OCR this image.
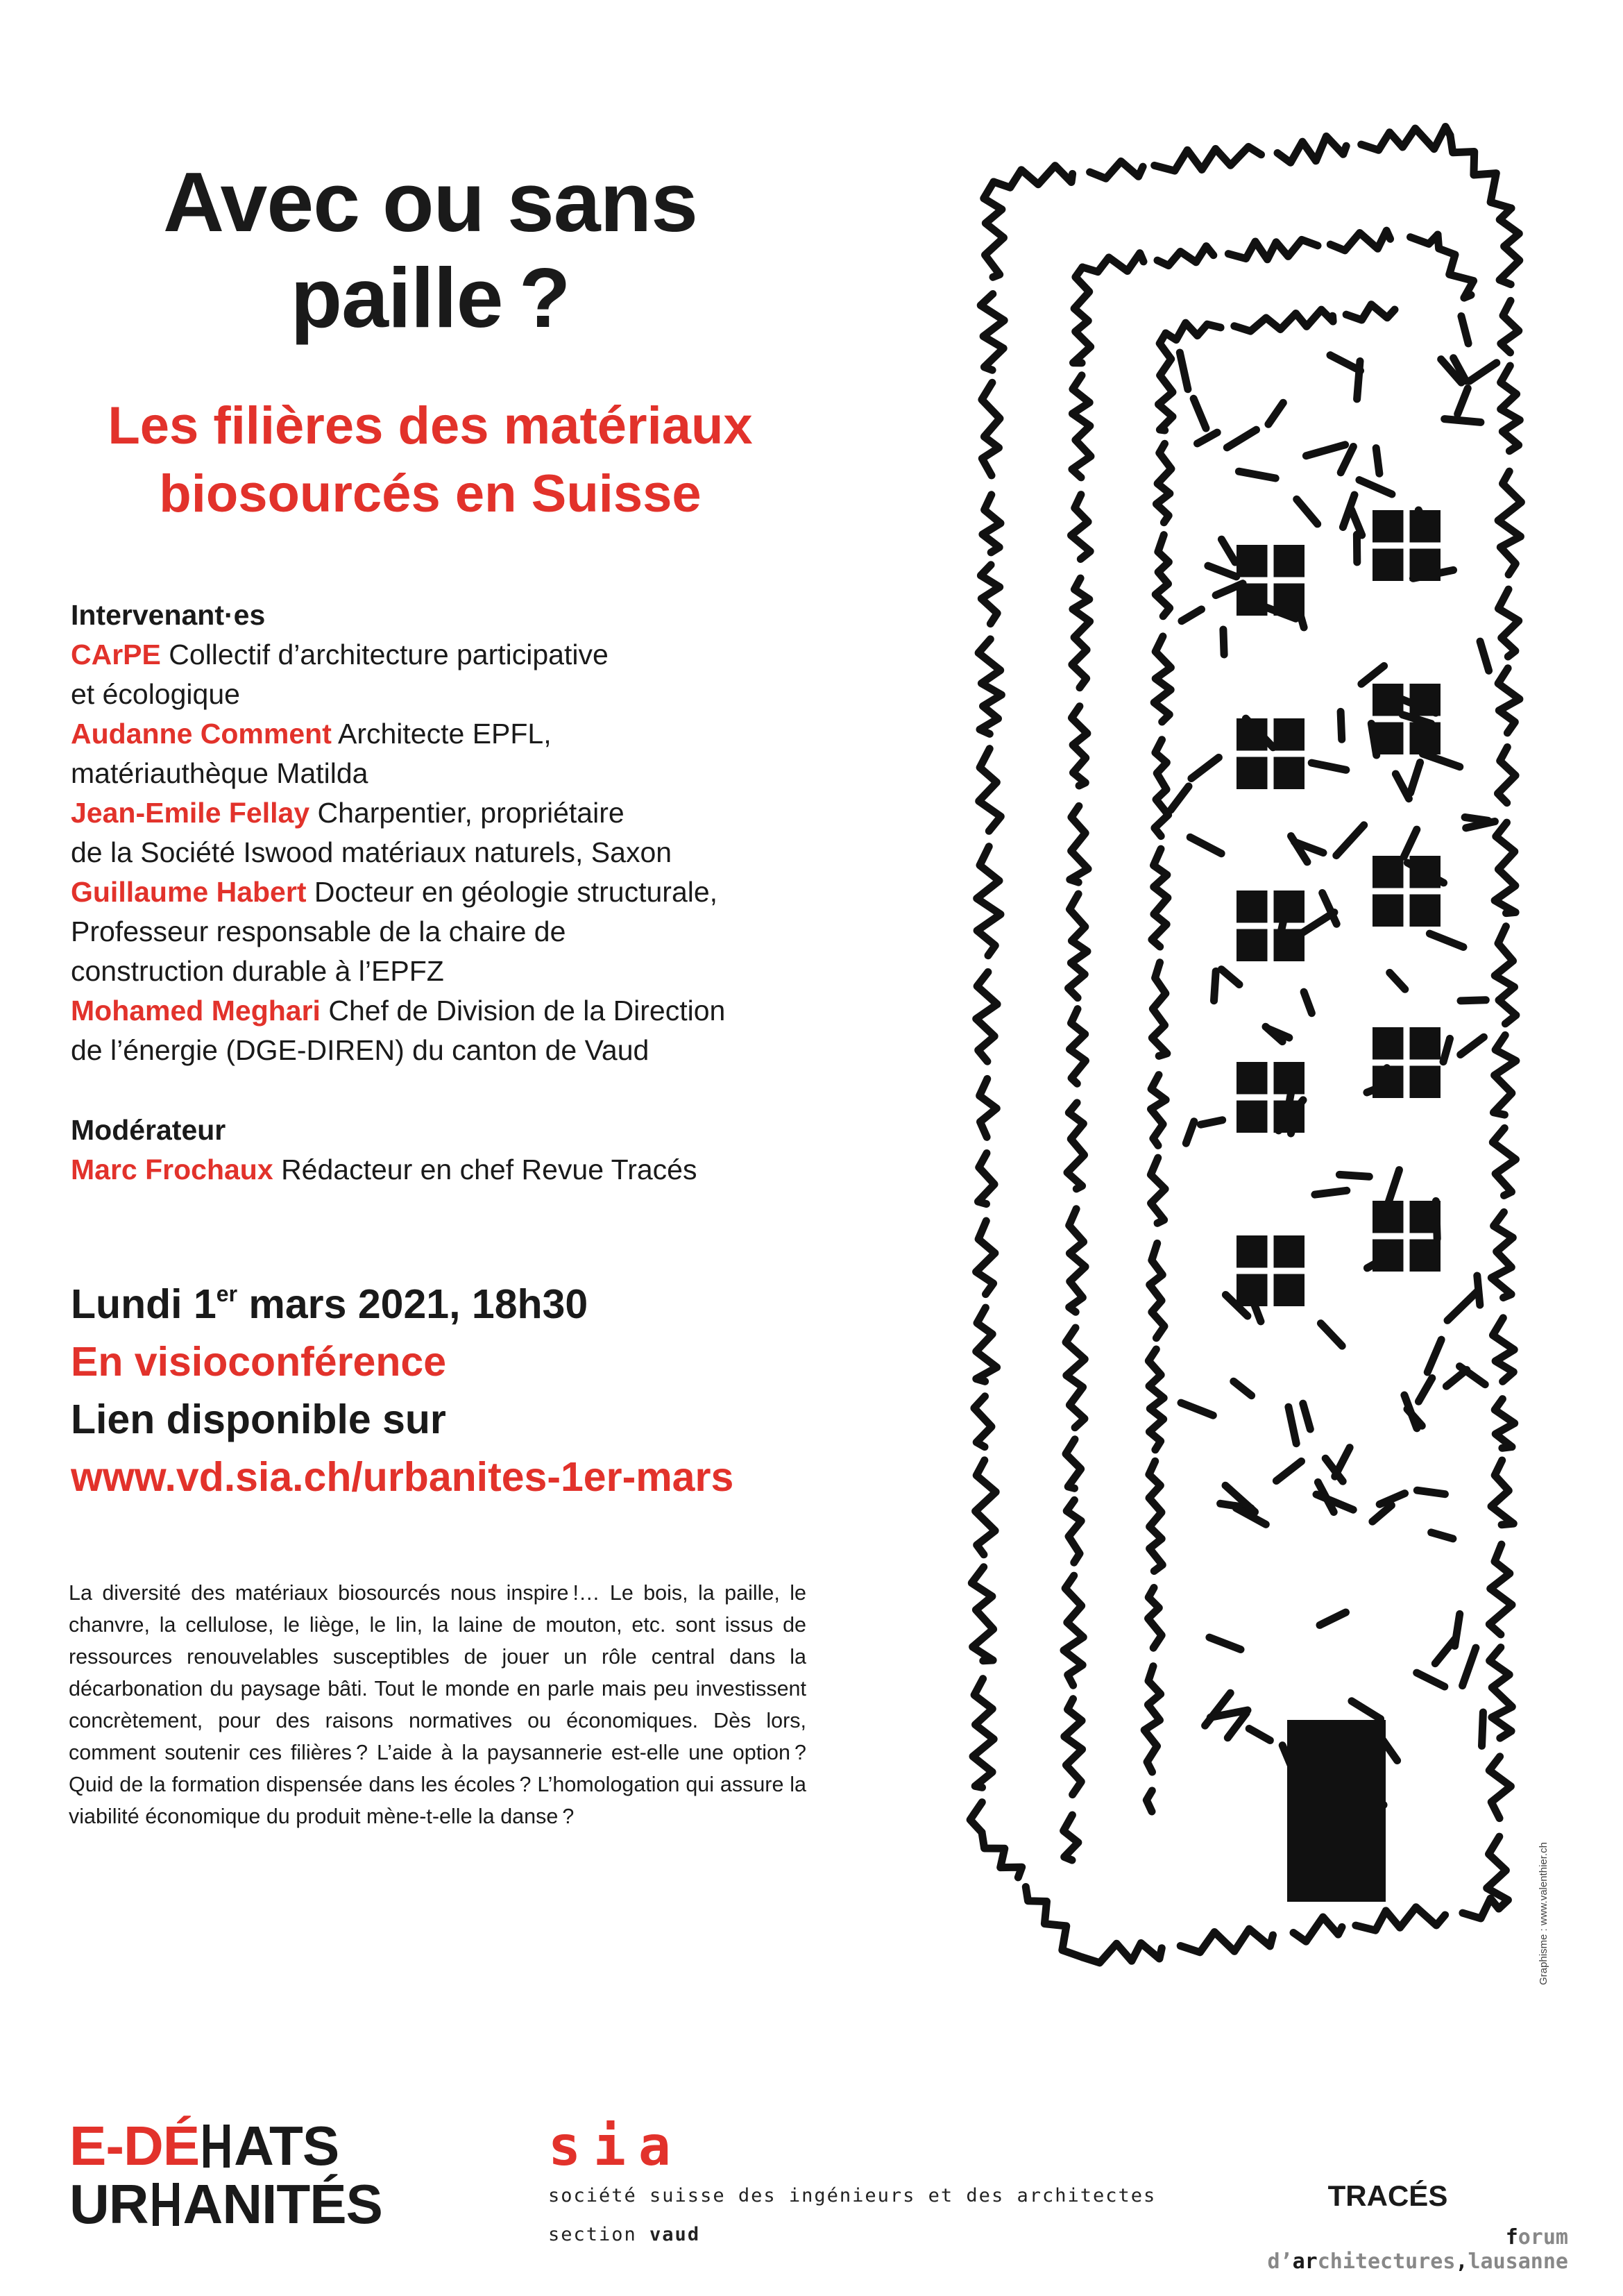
Avec ou sans
paille ?
Les filières des matériaux
biosourcés en Suisse
Intervenant·es
CArPE Collectif d’architecture participative
et écologique
Audanne Comment Architecte EPFL,
matériauthèque Matilda
Jean-Emile Fellay Charpentier, propriétaire
de la Société Iswood matériaux naturels, Saxon
Guillaume Habert Docteur en géologie structurale,
Professeur responsable de la chaire de
construction durable à l’EPFZ
Mohamed Meghari Chef de Division de la Direction
de l’énergie (DGE-DIREN) du canton de Vaud
Modérateur
Marc Frochaux Rédacteur en chef Revue Tracés
Lundi 1er mars 2021, 18h30
En visioconférence
Lien disponible sur
www.vd.sia.ch/urbanites-1er-mars
La diversité des matériaux biosourcés nous inspire !… Le bois, la paille, le chanvre, la cellulose, le liège, le lin, la laine de mouton, etc. sont issus de ressources renouvelables susceptibles de jouer un rôle central dans la décarbonation du paysage bâti. Tout le monde en parle mais peu investissent concrètement, pour des raisons normatives ou économiques. Dès lors, comment soutenir ces filières ? L’aide à la paysannerie est-elle une option ? Quid de la formation dispensée dans les écoles ? L’homologation qui assure la viabilité économique du produit mène-t-elle la danse ?
Graphisme : www.valenthier.ch
E-DÉ ATS
UR ANITÉS
sia
société suisse des ingénieurs et des architectes
section vaud
TRACÉS
forum d’architectures,lausanne
